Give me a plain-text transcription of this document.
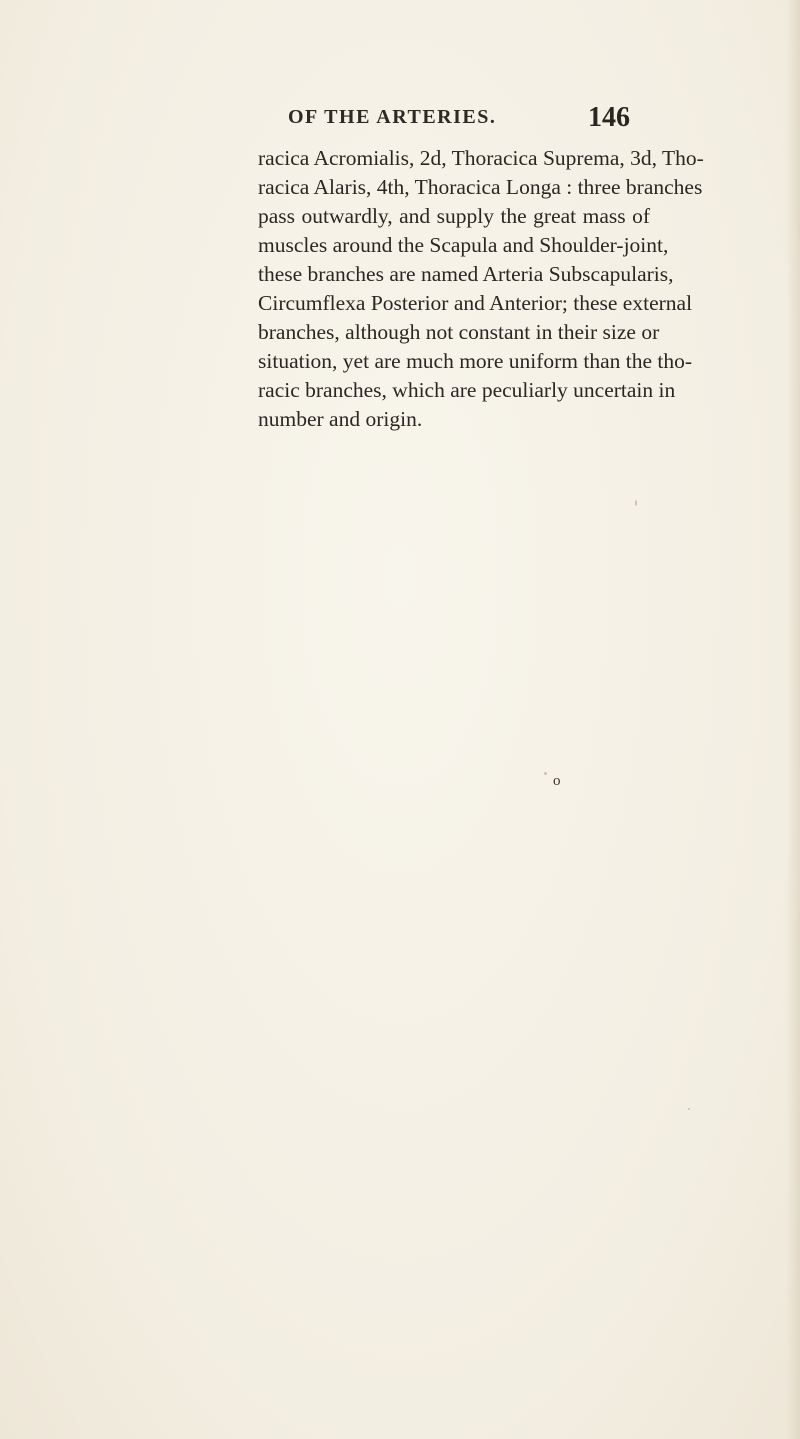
OF THE ARTERIES.	146
racica Acromialis, 2d, Thoracica Suprema, 3d, Tho-
racica Alaris, 4th, Thoracica Longa : three branches
pass outwardly, and supply the great mass of
muscles around the Scapula and Shoulder-joint,
these branches are named Arteria Subscapularis,
Circumflexa Posterior and Anterior; these external
branches, although not constant in their size or
situation, yet are much more uniform than the tho-
racic branches, which are peculiarly uncertain in
number and origin.
o
